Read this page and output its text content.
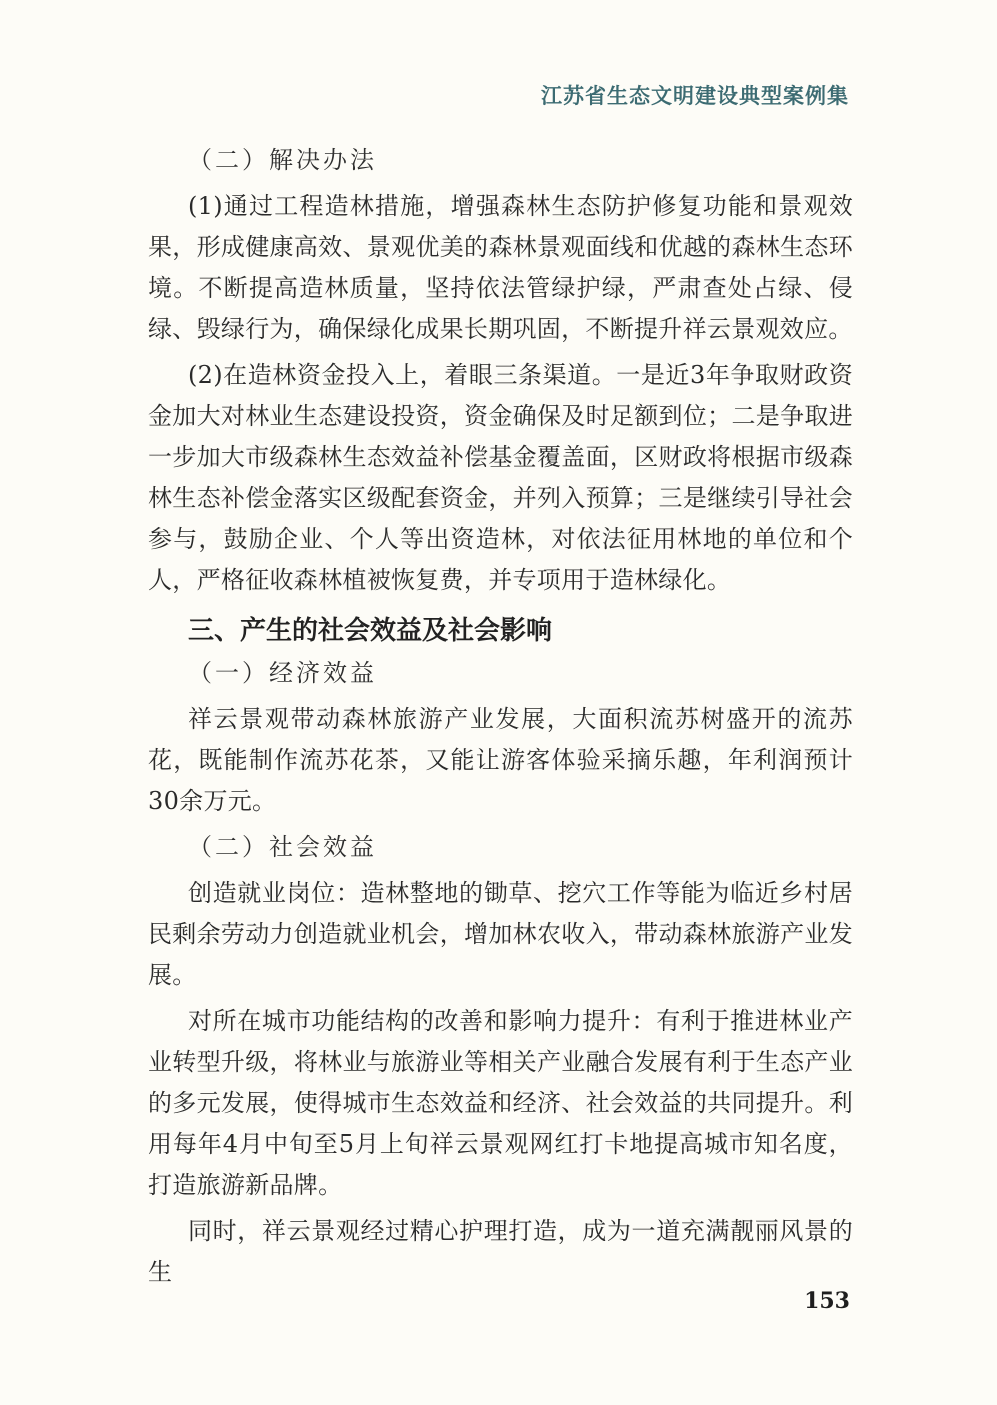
江苏省生态文明建设典型案例集

（二）解决办法

(1)通过工程造林措施，增强森林生态防护修复功能和景观效果，形成健康高效、景观优美的森林景观面线和优越的森林生态环境。不断提高造林质量，坚持依法管绿护绿，严肃查处占绿、侵绿、毁绿行为，确保绿化成果长期巩固，不断提升祥云景观效应。

(2)在造林资金投入上，着眼三条渠道。一是近3年争取财政资金加大对林业生态建设投资，资金确保及时足额到位；二是争取进一步加大市级森林生态效益补偿基金覆盖面，区财政将根据市级森林生态补偿金落实区级配套资金，并列入预算；三是继续引导社会参与，鼓励企业、个人等出资造林，对依法征用林地的单位和个人，严格征收森林植被恢复费，并专项用于造林绿化。

三、产生的社会效益及社会影响

（一）经济效益

祥云景观带动森林旅游产业发展，大面积流苏树盛开的流苏花，既能制作流苏花茶，又能让游客体验采摘乐趣，年利润预计30余万元。

（二）社会效益

创造就业岗位：造林整地的锄草、挖穴工作等能为临近乡村居民剩余劳动力创造就业机会，增加林农收入，带动森林旅游产业发展。

对所在城市功能结构的改善和影响力提升：有利于推进林业产业转型升级，将林业与旅游业等相关产业融合发展有利于生态产业的多元发展，使得城市生态效益和经济、社会效益的共同提升。利用每年4月中旬至5月上旬祥云景观网红打卡地提高城市知名度，打造旅游新品牌。

同时，祥云景观经过精心护理打造，成为一道充满靓丽风景的生

153
